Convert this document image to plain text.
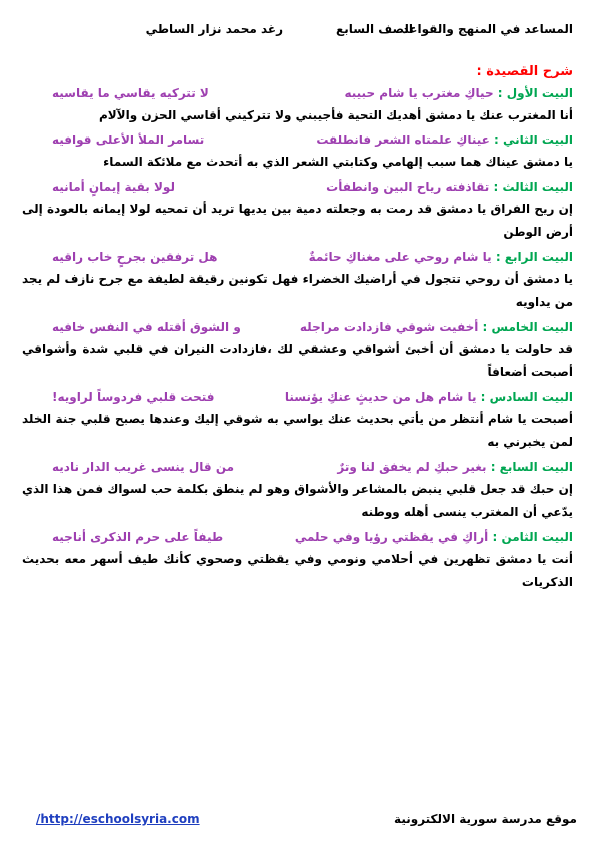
المساعد في المنهج والقواعد
الصف السابع
رغد محمد نزار الساطي
شرح القصيدة :
البيت الأول : حياكِ مغترب يا شام حبيبه
لا تتركيه يقاسي ما يقاسيه

أنا المغترب عنك يا دمشق أهديك التحية فأجيبني ولا تتركيني أقاسي الحزن والآلام

البيت الثاني : عيناكِ علمتاه الشعر فانطلقت
تسامر الملأ الأعلى قوافيه

يا دمشق عيناك هما سبب إلهامي وكتابتي الشعر الذي به أتحدث مع ملائكة السماء

البيت الثالث : تقاذفته رياح البين وانطفأت
لولا بقية إيمانٍ أمانيه

إن ريح الفراق يا دمشق قد رمت به وجعلته دمية بين يديها تريد أن تمحيه لولا إيمانه بالعودة إلى أرض الوطن

البيت الرابع : يا شام روحي على مغناكِ حائمةٌ
هل ترفقين بجرحٍ خاب راقيه

يا دمشق أن روحي تتجول في أراضيك الخضراء فهل تكونين رقيقة لطيفة مع جرح نازف لم يجد من يداويه

البيت الخامس : أخفيت شوقي فازدادت مراجله
و الشوق أقتله في النفس خافيه

قد حاولت يا دمشق أن أخبئ أشواقي وعشقي لك ،فازدادت النيران في قلبي شدة وأشواقي أصبحت أضعافاً

البيت السادس : يا شام هل من حديثٍ عنكِ يؤنسنا
فتحت قلبي فردوساً لراويه!

أصبحت يا شام أنتظر من يأتي بحديث عنك يواسي به شوقي إليك وعندها يصبح قلبي جنة الخلد لمن يخبرني به

البيت السابع : بغير حبكِ لم يخفق لنا وترٌ
من قال ينسى غريب الدار ناديه

إن حبك قد جعل قلبي ينبض بالمشاعر والأشواق وهو لم ينطق بكلمة حب لسواك فمن هذا الذي يدّعي أن المغترب ينسى أهله ووطنه

البيت الثامن : أراكِ في يقظتي رؤيا وفي حلمي
طيفاً على حرم الذكرى أناجيه

أنت يا دمشق تظهرين في أحلامي ونومي وفي يقظتي وصحوي كأنك طيف أسهر معه بحديث الذكريات

موقع مدرسة سورية الالكترونية
/http://eschoolsyria.com
